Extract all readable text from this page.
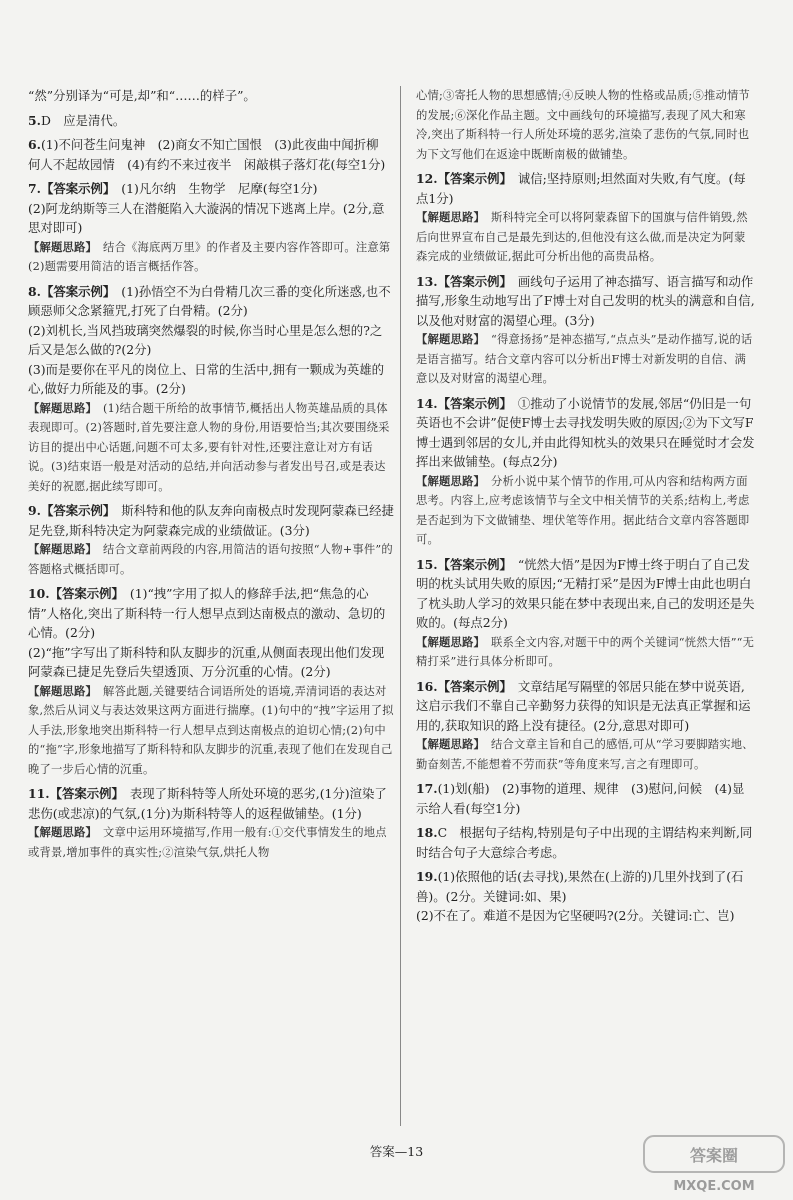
“然”分别译为“可是,却”和“……的样子”。

5.D　应是清代。

6.(1)不问苍生问鬼神　(2)商女不知亡国恨　(3)此夜曲中闻折柳　何人不起故园情　(4)有约不来过夜半　闲敲棋子落灯花(每空1分)

7.【答案示例】 (1)凡尔纳　生物学　尼摩(每空1分)

(2)阿龙纳斯等三人在潜艇陷入大漩涡的情况下逃离上岸。(2分,意思对即可)

【解题思路】 结合《海底两万里》的作者及主要内容作答即可。注意第(2)题需要用简洁的语言概括作答。

8.【答案示例】 (1)孙悟空不为白骨精几次三番的变化所迷惑,也不顾惡师父念紧箍咒,打死了白骨精。(2分)

(2)刘机长,当风挡玻璃突然爆裂的时候,你当时心里是怎么想的?之后又是怎么做的?(2分)

(3)而是要你在平凡的岗位上、日常的生活中,拥有一颗成为英雄的心,做好力所能及的事。(2分)

【解题思路】 (1)结合题干所给的故事情节,概括出人物英雄品质的具体表现即可。(2)答题时,首先要注意人物的身份,用语要恰当;其次要围绕采访目的提出中心话题,问题不可太多,要有针对性,还要注意让对方有话说。(3)结束语一般是对活动的总结,并向活动参与者发出号召,或是表达美好的祝愿,据此续写即可。

9.【答案示例】 斯科特和他的队友奔向南极点时发现阿蒙森已经捷足先登,斯科特决定为阿蒙森完成的业绩做证。(3分)

【解题思路】 结合文章前两段的内容,用简洁的语句按照“人物+事件”的答题格式概括即可。

10.【答案示例】 (1)“拽”字用了拟人的修辞手法,把“焦急的心情”人格化,突出了斯科特一行人想早点到达南极点的激动、急切的心情。(2分)

(2)“拖”字写出了斯科特和队友脚步的沉重,从侧面表现出他们发现阿蒙森已捷足先登后失望透顶、万分沉重的心情。(2分)

【解题思路】 解答此题,关键要结合词语所处的语境,弄清词语的表达对象,然后从词义与表达效果这两方面进行揣摩。(1)句中的“拽”字运用了拟人手法,形象地突出斯科特一行人想早点到达南极点的迫切心情;(2)句中的“拖”字,形象地描写了斯科特和队友脚步的沉重,表现了他们在发现自己晚了一步后心情的沉重。

11.【答案示例】 表现了斯科特等人所处环境的恶劣,(1分)渲染了悲伤(或悲凉)的气氛,(1分)为斯科特等人的返程做铺垫。(1分)

【解题思路】 文章中运用环境描写,作用一般有:①交代事情发生的地点或背景,增加事件的真实性;②渲染气氛,烘托人物

心情;③寄托人物的思想感情;④反映人物的性格或品质;⑤推动情节的发展;⑥深化作品主题。文中画线句的环境描写,表现了风大和寒冷,突出了斯科特一行人所处环境的恶劣,渲染了悲伤的气氛,同时也为下文写他们在返途中既断南极的做铺垫。

12.【答案示例】 诚信;坚持原则;坦然面对失败,有气度。(每点1分)

【解题思路】 斯科特完全可以将阿蒙森留下的国旗与信件销毁,然后向世界宣布自己是最先到达的,但他没有这么做,而是决定为阿蒙森完成的业绩做证,据此可分析出他的高贵品格。

13.【答案示例】 画线句子运用了神态描写、语言描写和动作描写,形象生动地写出了F博士对自己发明的枕头的满意和自信,以及他对财富的渴望心理。(3分)

【解题思路】 “得意扬扬”是神态描写,“点点头”是动作描写,说的话是语言描写。结合文章内容可以分析出F博士对新发明的自信、满意以及对财富的渴望心理。

14.【答案示例】 ①推动了小说情节的发展,邻居“仍旧是一句英语也不会讲”促使F博士去寻找发明失败的原因;②为下文写F博士遇到邻居的女儿,并由此得知枕头的效果只在睡觉时才会发挥出来做铺垫。(每点2分)

【解题思路】 分析小说中某个情节的作用,可从内容和结构两方面思考。内容上,应考虑该情节与全文中相关情节的关系;结构上,考虑是否起到为下文做铺垫、埋伏笔等作用。据此结合文章内容答题即可。

15.【答案示例】 “恍然大悟”是因为F博士终于明白了自己发明的枕头试用失败的原因;“无精打采”是因为F博士由此也明白了枕头助人学习的效果只能在梦中表现出来,自己的发明还是失败的。(每点2分)

【解题思路】 联系全文内容,对题干中的两个关键词“恍然大悟”“无精打采”进行具体分析即可。

16.【答案示例】 文章结尾写隔壁的邻居只能在梦中说英语,这启示我们不靠自己辛勤努力获得的知识是无法真正掌握和运用的,获取知识的路上没有捷径。(2分,意思对即可)

【解题思路】 结合文章主旨和自己的感悟,可从“学习要脚踏实地、勤奋刻苦,不能想着不劳而获”等角度来写,言之有理即可。

17.(1)划(船)　(2)事物的道理、规律　(3)慰问,问候　(4)显示给人看(每空1分)

18.C　根据句子结构,特别是句子中出现的主谓结构来判断,同时结合句子大意综合考虑。

19.(1)依照他的话(去寻找),果然在(上游的)几里外找到了(石兽)。(2分。关键词:如、果)

(2)不在了。难道不是因为它坚硬吗?(2分。关键词:亡、岂)

答案—13	答案圈
MXQE.COM
